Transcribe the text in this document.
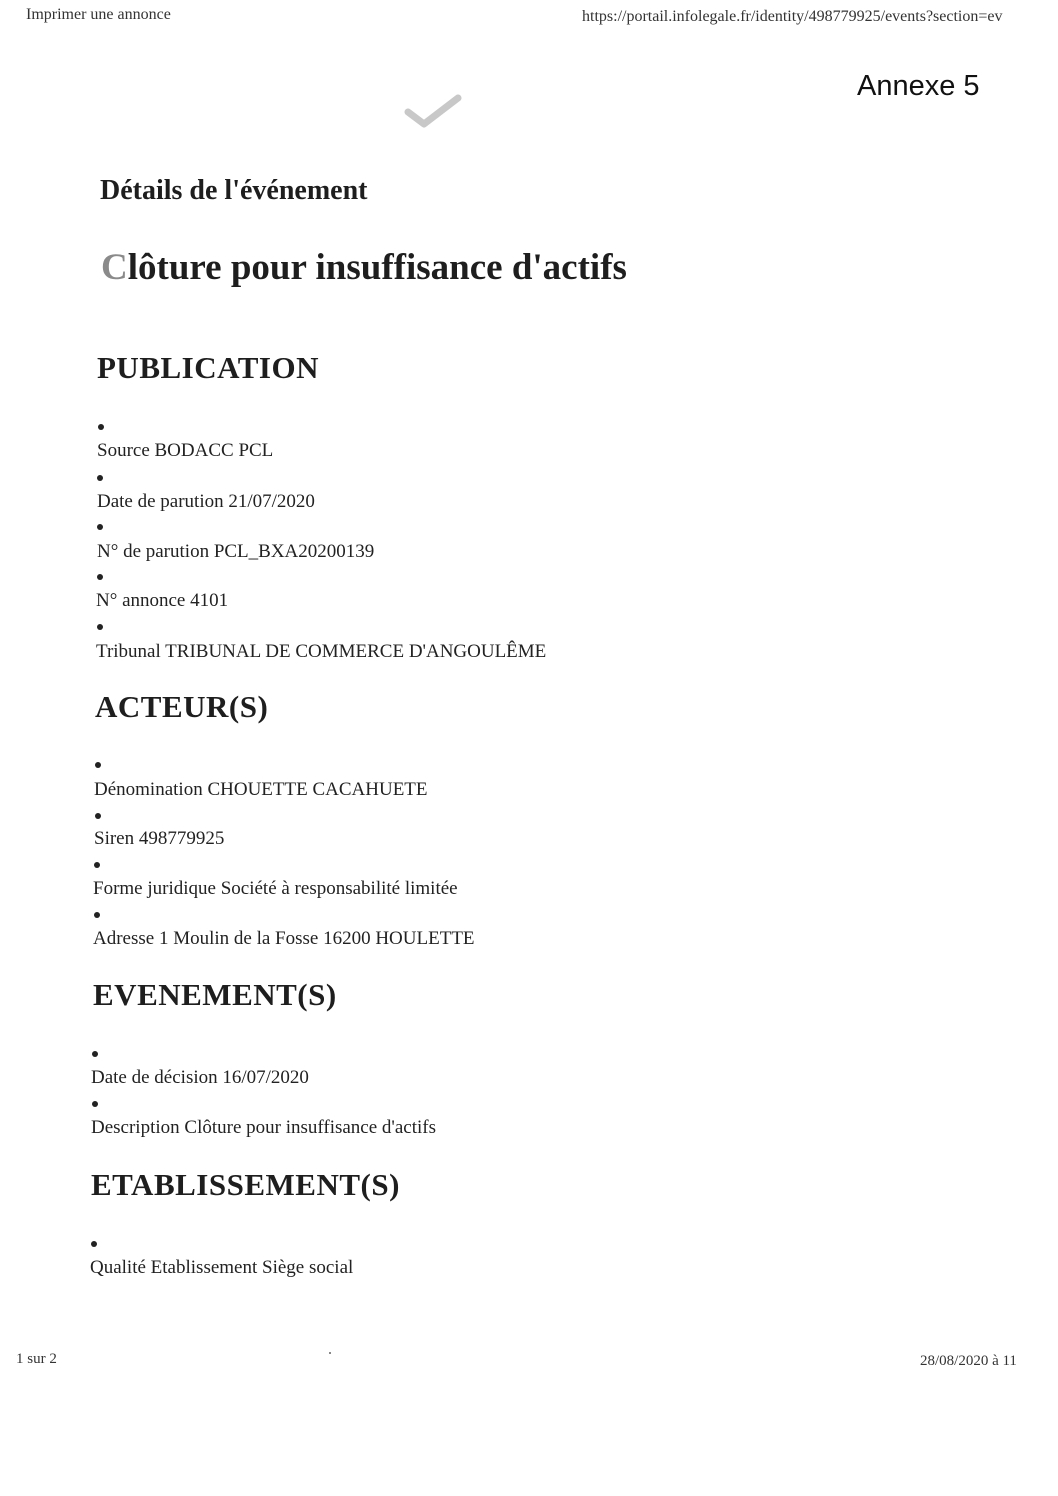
Imprimer une annonce	https://portail.infolegale.fr/identity/498779925/events?section=ev
Annexe 5
Détails de l'événement
Clôture pour insuffisance d'actifs
PUBLICATION
Source BODACC PCL
Date de parution 21/07/2020
N° de parution PCL_BXA20200139
N° annonce 4101
Tribunal TRIBUNAL DE COMMERCE D'ANGOULÊME
ACTEUR(S)
Dénomination CHOUETTE CACAHUETE
Siren 498779925
Forme juridique Société à responsabilité limitée
Adresse 1 Moulin de la Fosse 16200 HOULETTE
EVENEMENT(S)
Date de décision 16/07/2020
Description Clôture pour insuffisance d'actifs
ETABLISSEMENT(S)
Qualité Etablissement Siège social
1 sur 2	28/08/2020 à 11
